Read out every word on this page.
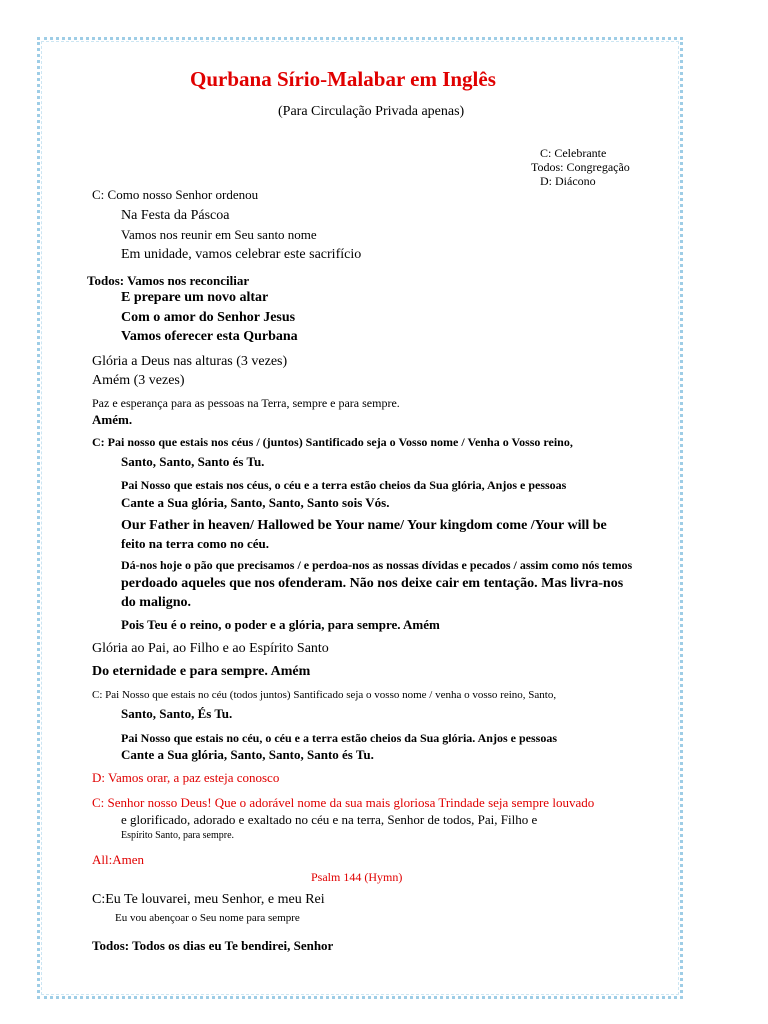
Qurbana Sírio-Malabar em Inglês
(Para Circulação Privada apenas)
C: Celebrante
Todos: Congregação
D: Diácono
C: Como nosso Senhor ordenou
Na Festa da Páscoa
Vamos nos reunir em Seu santo nome
Em unidade, vamos celebrar este sacrifício
Todos: Vamos nos reconciliar
E prepare um novo altar
Com o amor do Senhor Jesus
Vamos oferecer esta Qurbana
Glória a Deus nas alturas (3 vezes)
Amém (3 vezes)
Paz e esperança para as pessoas na Terra, sempre e para sempre.
Amém.
C: Pai nosso que estais nos céus / (juntos) Santificado seja o Vosso nome / Venha o Vosso reino,
Santo, Santo, Santo és Tu.
Pai Nosso que estais nos céus, o céu e a terra estão cheios da Sua glória, Anjos e pessoas
Cante a Sua glória, Santo, Santo, Santo sois Vós.
Our Father in heaven/ Hallowed be Your name/ Your kingdom come /Your will be
feito na terra como no céu.
Dá-nos hoje o pão que precisamos / e perdoa-nos as nossas dívidas e pecados / assim como nós temos
perdoado aqueles que nos ofenderam. Não nos deixe cair em tentação. Mas livra-nos
do maligno.
Pois Teu é o reino, o poder e a glória, para sempre. Amém
Glória ao Pai, ao Filho e ao Espírito Santo
Do eternidade e para sempre. Amém
C: Pai Nosso que estais no céu (todos juntos) Santificado seja o vosso nome / venha o vosso reino, Santo,
Santo, Santo, És Tu.
Pai Nosso que estais no céu, o céu e a terra estão cheios da Sua glória. Anjos e pessoas
Cante a Sua glória, Santo, Santo, Santo és Tu.
D: Vamos orar, a paz esteja conosco
C: Senhor nosso Deus! Que o adorável nome da sua mais gloriosa Trindade seja sempre louvado
e glorificado, adorado e exaltado no céu e na terra, Senhor de todos, Pai, Filho e
Espírito Santo, para sempre.
All:Amen
Psalm 144 (Hymn)
C:Eu Te louvarei, meu Senhor, e meu Rei
Eu vou abençoar o Seu nome para sempre
Todos: Todos os dias eu Te bendirei, Senhor
